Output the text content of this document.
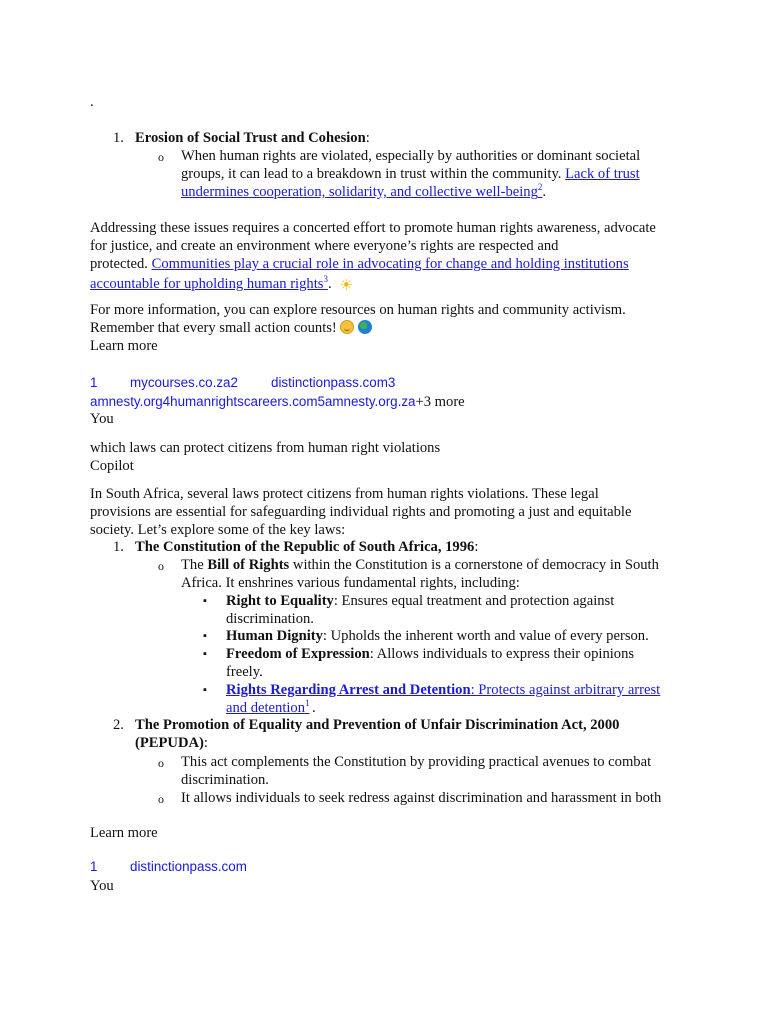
.
1. Erosion of Social Trust and Cohesion:
o When human rights are violated, especially by authorities or dominant societal groups, it can lead to a breakdown in trust within the community. Lack of trust undermines cooperation, solidarity, and collective well-being$^2$.
Addressing these issues requires a concerted effort to promote human rights awareness, advocate
for justice, and create an environment where everyone’s rights are respected and
protected. Communities play a crucial role in advocating for change and holding institutions
accountable for upholding human rights$^3$. ☀
For more information, you can explore resources on human rights and community activism.
Remember that every small action counts!
Learn more
1 mycourses.co.za2 distinctionpass.com3
amnesty.org4humanrightscareers.com5amnesty.org.za+3 more
You
which laws can protect citizens from human right violations
Copilot
In South Africa, several laws protect citizens from human rights violations. These legal
provisions are essential for safeguarding individual rights and promoting a just and equitable
society. Let’s explore some of the key laws:
1. The Constitution of the Republic of South Africa, 1996:
o The Bill of Rights within the Constitution is a cornerstone of democracy in South
Africa. It enshrines various fundamental rights, including:
▪ Right to Equality: Ensures equal treatment and protection against
discrimination.
▪ Human Dignity: Upholds the inherent worth and value of every person.
▪ Freedom of Expression: Allows individuals to express their opinions
freely.
▪ Rights Regarding Arrest and Detention: Protects against arbitrary arrest
and detention$^1$ .
2. The Promotion of Equality and Prevention of Unfair Discrimination Act, 2000
(PEPUDA):
o This act complements the Constitution by providing practical avenues to combat
discrimination.
o It allows individuals to seek redress against discrimination and harassment in both
Learn more
1 distinctionpass.com
You
